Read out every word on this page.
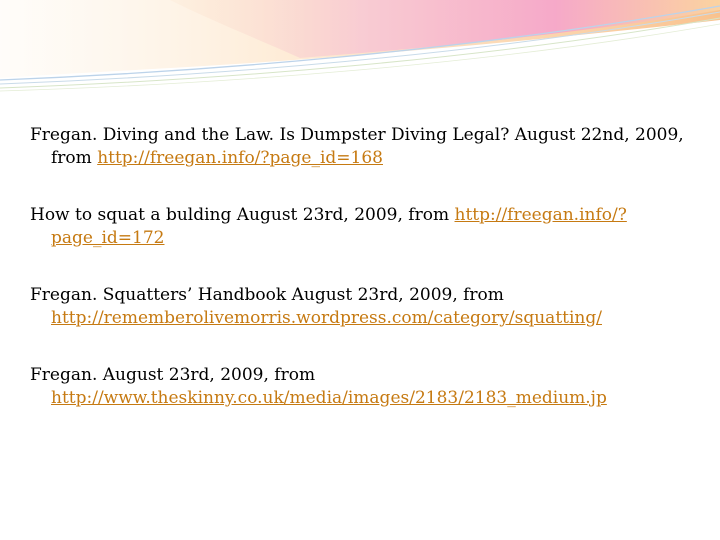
Fregan. Diving and the Law. Is Dumpster Diving Legal? August 22nd, 2009, from http://freegan.info/?page_id=168

How to squat a bulding August 23rd, 2009, from http://freegan.info/?page_id=172

Fregan. Squatters’ Handbook August 23rd, 2009, from http://rememberolivemorris.wordpress.com/category/squatting/

Fregan. August 23rd, 2009, from http://www.theskinny.co.uk/media/images/2183/2183_medium.jp
